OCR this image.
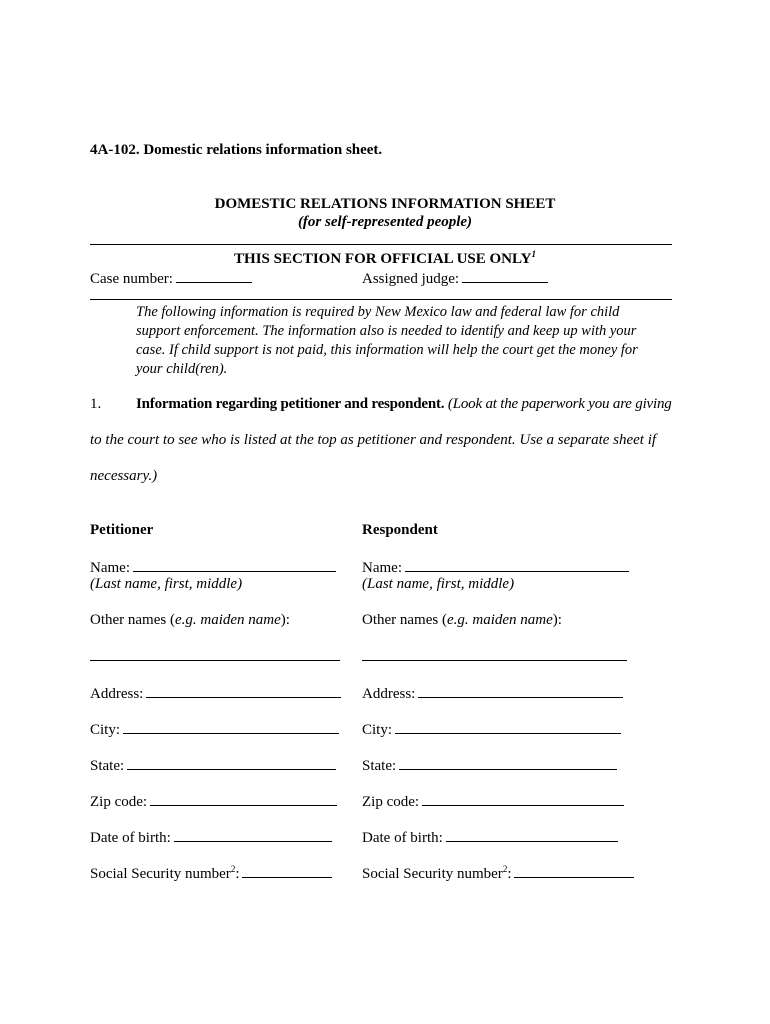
4A-102. Domestic relations information sheet.
DOMESTIC RELATIONS INFORMATION SHEET
(for self-represented people)
THIS SECTION FOR OFFICIAL USE ONLY$^1$
Case number:	Assigned judge:
The following information is required by New Mexico law and federal law for child support enforcement. The information also is needed to identify and keep up with your case. If child support is not paid, this information will help the court get the money for your child(ren).
1. Information regarding petitioner and respondent. (Look at the paperwork you are giving
to the court to see who is listed at the top as petitioner and respondent. Use a separate sheet if
necessary.)
Petitioner
Name:
(Last name, first, middle)
Other names (e.g. maiden name):
Address:
City:
State:
Zip code:
Date of birth:
Social Security number$^2$:
Respondent
Name:
(Last name, first, middle)
Other names (e.g. maiden name):
Address:
City:
State:
Zip code:
Date of birth:
Social Security number$^2$:
